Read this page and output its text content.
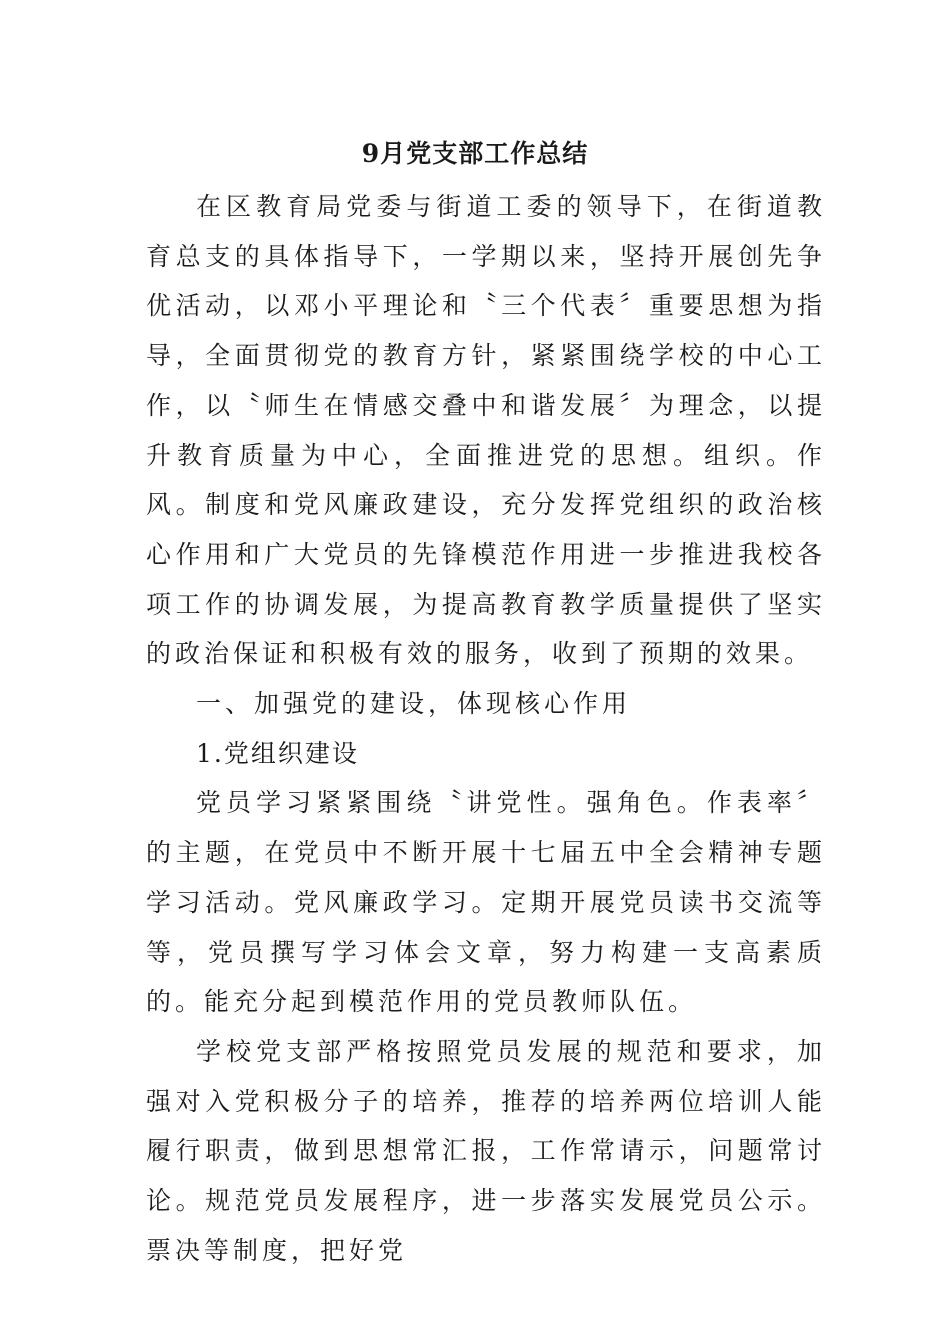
9月党支部工作总结

在区教育局党委与街道工委的领导下，在街道教育总支的具体指导下，一学期以来，坚持开展创先争优活动，以邓小平理论和〝三个代表〞重要思想为指导，全面贯彻党的教育方针，紧紧围绕学校的中心工作，以〝师生在情感交叠中和谐发展〞为理念，以提升教育质量为中心，全面推进党的思想。组织。作风。制度和党风廉政建设，充分发挥党组织的政治核心作用和广大党员的先锋模范作用进一步推进我校各项工作的协调发展，为提高教育教学质量提供了坚实的政治保证和积极有效的服务，收到了预期的效果。

一、加强党的建设，体现核心作用

1.党组织建设

党员学习紧紧围绕〝讲党性。强角色。作表率〞的主题，在党员中不断开展十七届五中全会精神专题学习活动。党风廉政学习。定期开展党员读书交流等等，党员撰写学习体会文章，努力构建一支高素质的。能充分起到模范作用的党员教师队伍。

学校党支部严格按照党员发展的规范和要求，加强对入党积极分子的培养，推荐的培养两位培训人能履行职责，做到思想常汇报，工作常请示，问题常讨论。规范党员发展程序，进一步落实发展党员公示。票决等制度，把好党
